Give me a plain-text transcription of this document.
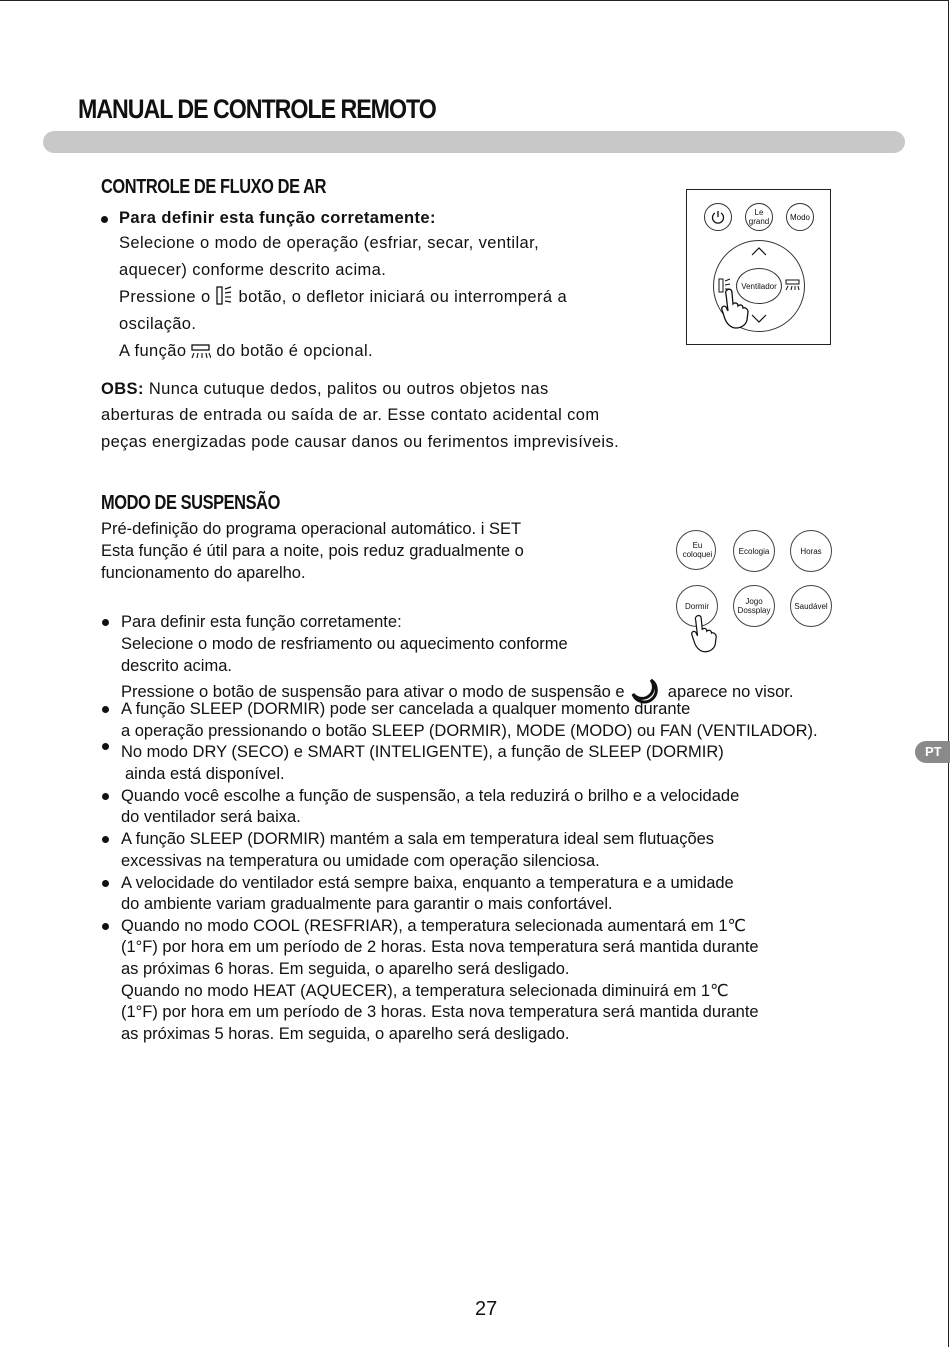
MANUAL DE CONTROLE REMOTO
CONTROLE DE FLUXO DE AR
Para definir esta função corretamente:
Selecione o modo de operação (esfriar, secar, ventilar,
aquecer) conforme descrito acima.
Pressione o botão, o defletor iniciará ou interromperá a
oscilação.
A função do botão é opcional.
OBS: Nunca cutuque dedos, palitos ou outros objetos nas
aberturas de entrada ou saída de ar. Esse contato acidental com
peças energizadas pode causar danos ou ferimentos imprevisíveis.
Le grand	Modo
Ventilador
MODO DE SUSPENSÃO
Pré-definição do programa operacional automático. i SET
Esta função é útil para a noite, pois reduz gradualmente o
funcionamento do aparelho.
Eu coloquei	Ecologia	Horas
Dormir	Jogo Dossplay	Saudável
Para definir esta função corretamente:
Selecione o modo de resfriamento ou aquecimento conforme
descrito acima.
Pressione o botão de suspensão para ativar o modo de suspensão e	aparece no visor.
A função SLEEP (DORMIR) pode ser cancelada a qualquer momento durante
a operação pressionando o botão SLEEP (DORMIR), MODE (MODO) ou FAN (VENTILADOR).
No modo DRY (SECO) e SMART (INTELIGENTE), a função de SLEEP (DORMIR)
ainda está disponível.
Quando você escolhe a função de suspensão, a tela reduzirá o brilho e a velocidade
do ventilador será baixa.
A função SLEEP (DORMIR) mantém a sala em temperatura ideal sem flutuações
excessivas na temperatura ou umidade com operação silenciosa.
A velocidade do ventilador está sempre baixa, enquanto a temperatura e a umidade
do ambiente variam gradualmente para garantir o mais confortável.
Quando no modo COOL (RESFRIAR), a temperatura selecionada aumentará em 1℃
(1°F) por hora em um período de 2 horas. Esta nova temperatura será mantida durante
as próximas 6 horas. Em seguida, o aparelho será desligado.
Quando no modo HEAT (AQUECER), a temperatura selecionada diminuirá em 1℃
(1°F) por hora em um período de 3 horas. Esta nova temperatura será mantida durante
as próximas 5 horas. Em seguida, o aparelho será desligado.
PT
27
